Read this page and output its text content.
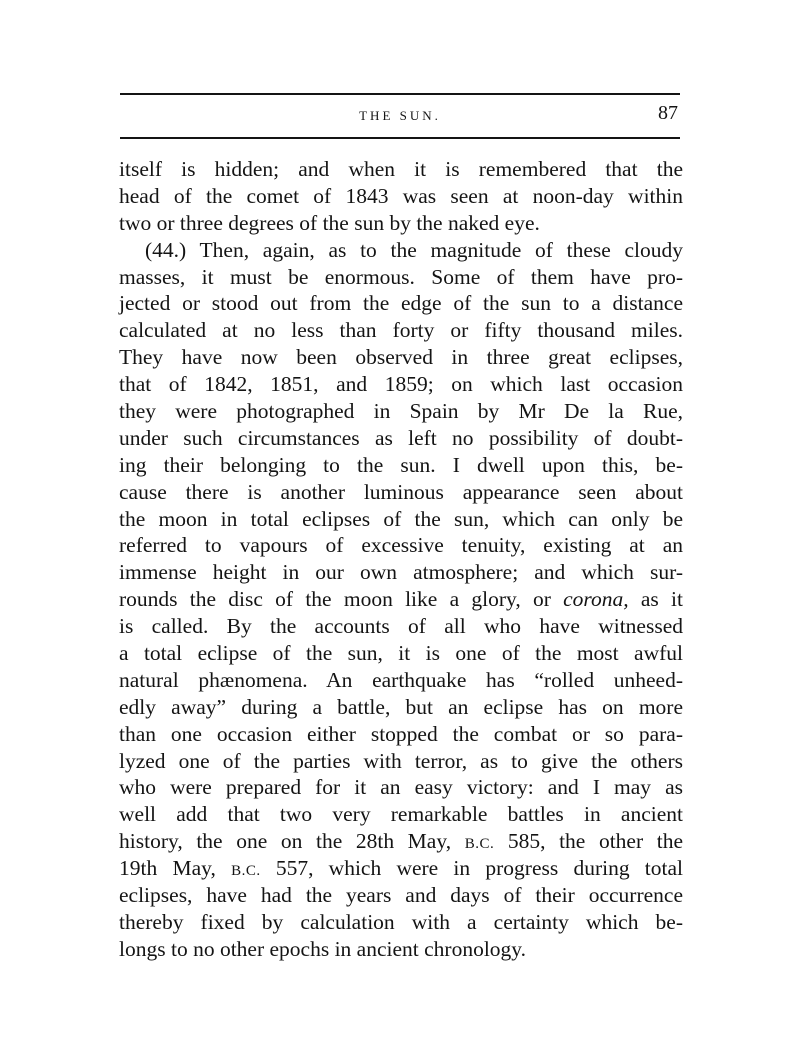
THE SUN.	87
itself is hidden; and when it is remembered that the
head of the comet of 1843 was seen at noon-day within
two or three degrees of the sun by the naked eye.
(44.) Then, again, as to the magnitude of these cloudy
masses, it must be enormous. Some of them have pro-
jected or stood out from the edge of the sun to a distance
calculated at no less than forty or fifty thousand miles.
They have now been observed in three great eclipses,
that of 1842, 1851, and 1859; on which last occasion
they were photographed in Spain by Mr De la Rue,
under such circumstances as left no possibility of doubt-
ing their belonging to the sun. I dwell upon this, be-
cause there is another luminous appearance seen about
the moon in total eclipses of the sun, which can only be
referred to vapours of excessive tenuity, existing at an
immense height in our own atmosphere; and which sur-
rounds the disc of the moon like a glory, or corona, as it
is called. By the accounts of all who have witnessed
a total eclipse of the sun, it is one of the most awful
natural phænomena. An earthquake has “rolled unheed-
edly away” during a battle, but an eclipse has on more
than one occasion either stopped the combat or so para-
lyzed one of the parties with terror, as to give the others
who were prepared for it an easy victory: and I may as
well add that two very remarkable battles in ancient
history, the one on the 28th May, B.C. 585, the other the
19th May, B.C. 557, which were in progress during total
eclipses, have had the years and days of their occurrence
thereby fixed by calculation with a certainty which be-
longs to no other epochs in ancient chronology.
